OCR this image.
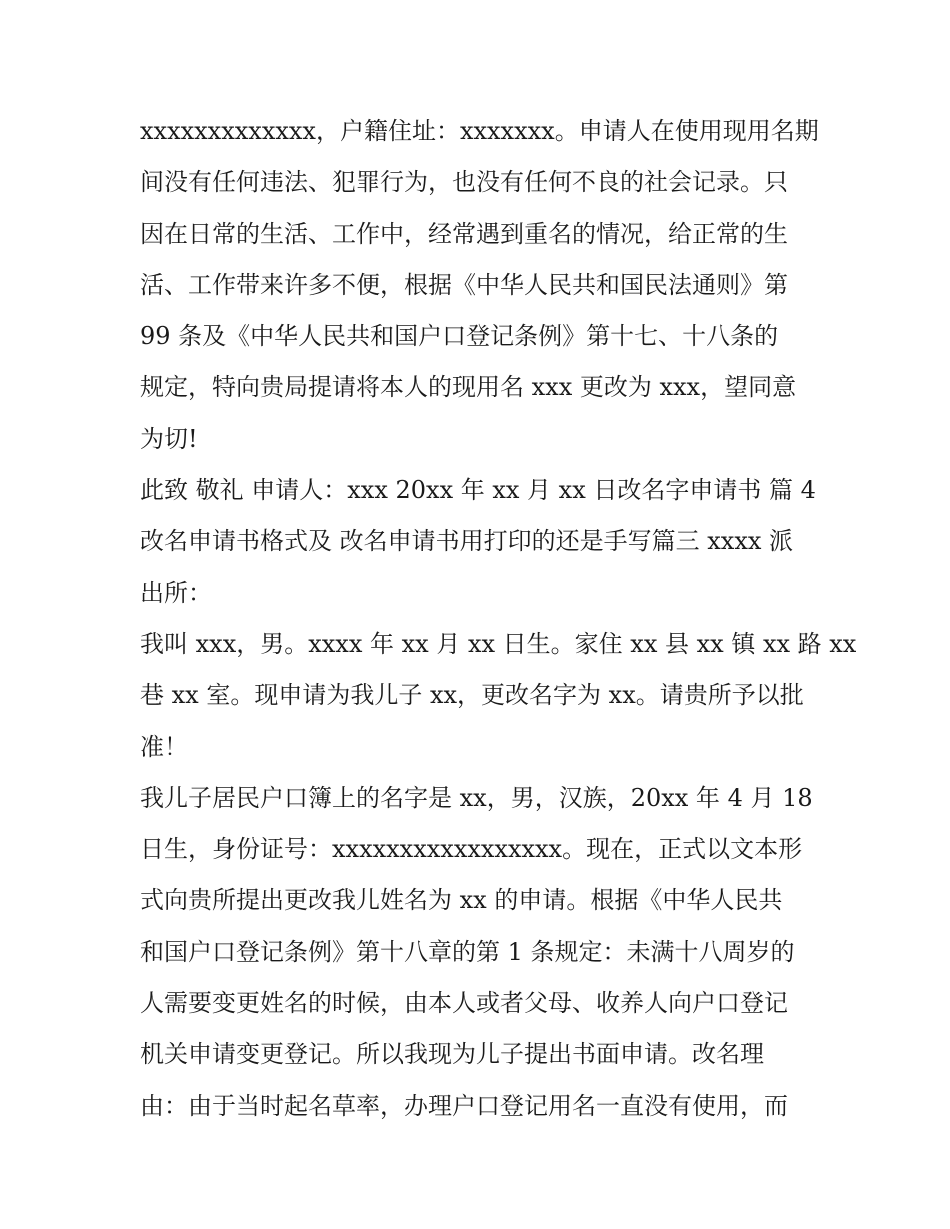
xxxxxxxxxxxxx，户籍住址：xxxxxxx。申请人在使用现用名期
间没有任何违法、犯罪行为，也没有任何不良的社会记录。只
因在日常的生活、工作中，经常遇到重名的情况，给正常的生
活、工作带来许多不便，根据《中华人民共和国民法通则》第
99 条及《中华人民共和国户口登记条例》第十七、十八条的
规定，特向贵局提请将本人的现用名 xxx 更改为 xxx，望同意
为切!
此致 敬礼 申请人：xxx 20xx 年 xx 月 xx 日改名字申请书 篇 4
改名申请书格式及 改名申请书用打印的还是手写篇三 xxxx 派
出所：
我叫 xxx，男。xxxx 年 xx 月 xx 日生。家住 xx 县 xx 镇 xx 路 xx
巷 xx 室。现申请为我儿子 xx，更改名字为 xx。请贵所予以批
准！
我儿子居民户口簿上的名字是 xx，男，汉族，20xx 年 4 月 18
日生，身份证号：xxxxxxxxxxxxxxxxx。现在，正式以文本形
式向贵所提出更改我儿姓名为 xx 的申请。根据《中华人民共
和国户口登记条例》第十八章的第 1 条规定：未满十八周岁的
人需要变更姓名的时候，由本人或者父母、收养人向户口登记
机关申请变更登记。所以我现为儿子提出书面申请。改名理
由：由于当时起名草率，办理户口登记用名一直没有使用，而
